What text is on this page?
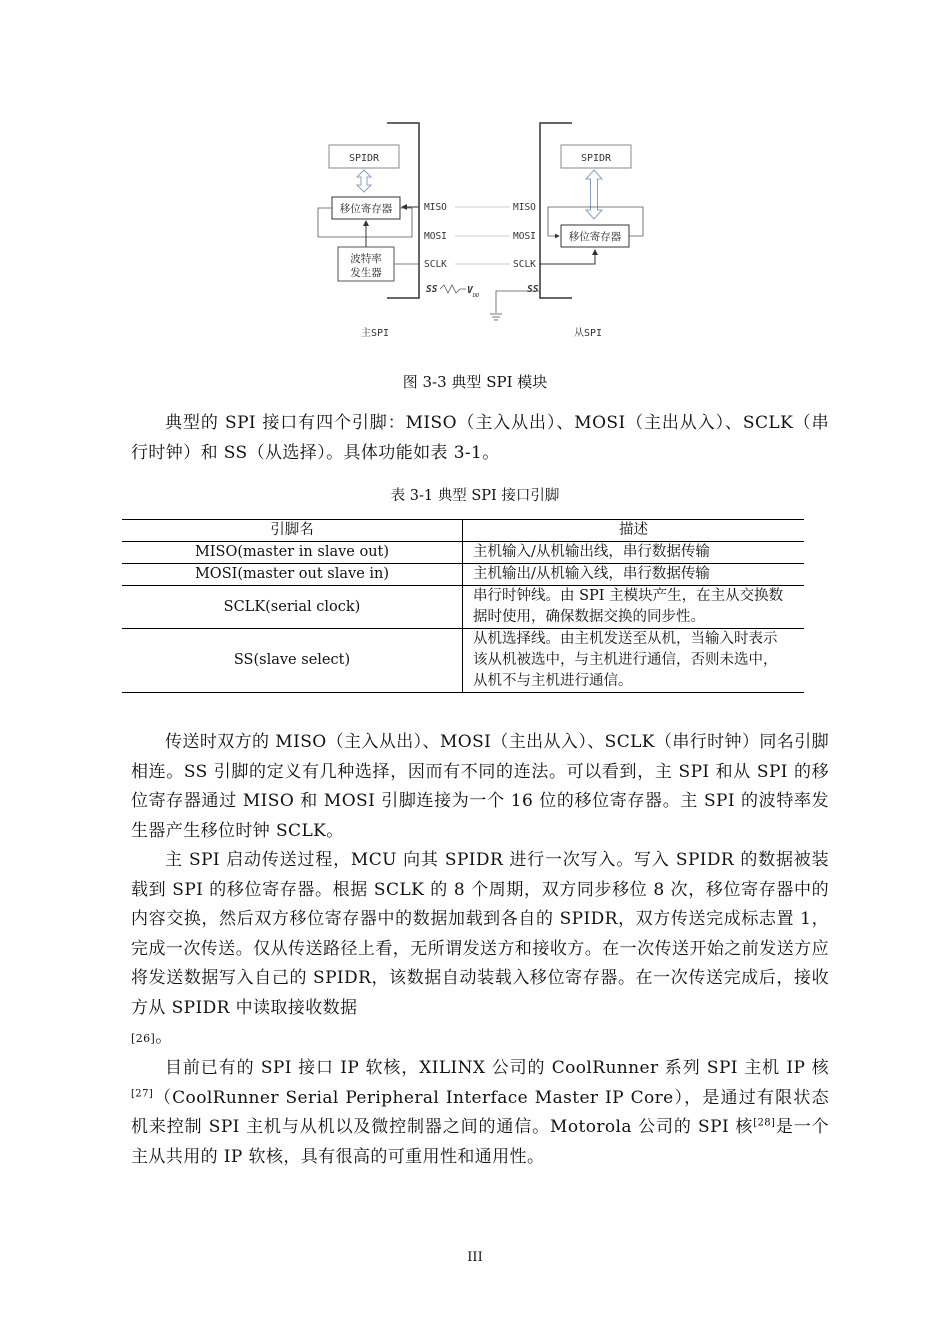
SPIDR
移位寄存器
波特率
发生器
MISO
MOSI
SCLK
SS	$V_{DD}$
MISO
MOSI
SCLK
SS
SPIDR
移位寄存器
主SPI	从SPI
图 3-3 典型 SPI 模块

典型的 SPI 接口有四个引脚：MISO（主入从出）、MOSI（主出从入）、SCLK（串行时钟）和 SS（从选择）。具体功能如表 3-1。

表 3-1 典型 SPI 接口引脚
引脚名	描述
MISO(master in slave out)	主机输入/从机输出线，串行数据传输
MOSI(master out slave in)	主机输出/从机输入线，串行数据传输
SCLK(serial clock)	串行时钟线。由 SPI 主模块产生，在主从交换数据时使用，确保数据交换的同步性。
SS(slave select)	从机选择线。由主机发送至从机，当输入时表示该从机被选中，与主机进行通信，否则未选中，从机不与主机进行通信。

传送时双方的 MISO（主入从出）、MOSI（主出从入）、SCLK（串行时钟）同名引脚相连。SS 引脚的定义有几种选择，因而有不同的连法。可以看到，主 SPI 和从 SPI 的移位寄存器通过 MISO 和 MOSI 引脚连接为一个 16 位的移位寄存器。主 SPI 的波特率发生器产生移位时钟 SCLK。

主 SPI 启动传送过程，MCU 向其 SPIDR 进行一次写入。写入 SPIDR 的数据被装载到 SPI 的移位寄存器。根据 SCLK 的 8 个周期，双方同步移位 8 次，移位寄存器中的内容交换，然后双方移位寄存器中的数据加载到各自的 SPIDR，双方传送完成标志置 1，完成一次传送。仅从传送路径上看，无所谓发送方和接收方。在一次传送开始之前发送方应将发送数据写入自己的 SPIDR，该数据自动装载入移位寄存器。在一次传送完成后，接收方从 SPIDR 中读取接收数据
[26]。

目前已有的 SPI 接口 IP 软核，XILINX 公司的 CoolRunner 系列 SPI 主机 IP 核[27]（CoolRunner Serial Peripheral Interface Master IP Core），是通过有限状态机来控制 SPI 主机与从机以及微控制器之间的通信。Motorola 公司的 SPI 核[28]是一个主从共用的 IP 软核，具有很高的可重用性和通用性。

III
